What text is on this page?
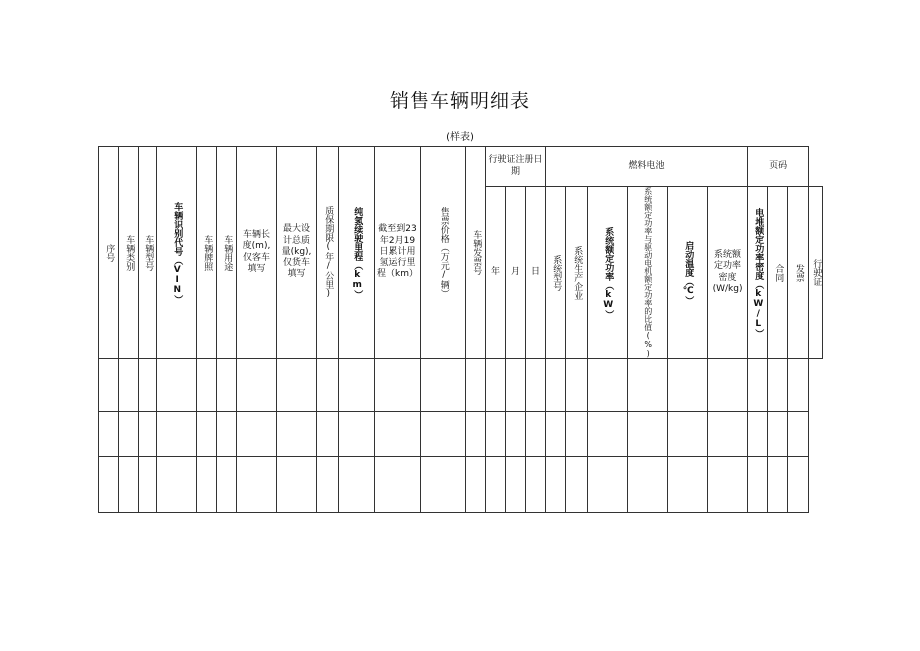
销售车辆明细表
(样表)
序号	车辆类别	车辆型号	车辆识别代号（VIN）	车辆牌照	车辆用途	车辆长度(m),仅客车填写	最大设计总质量(kg),仅货车填写	质保期限(年/公里)	纯氢续驶里程（km）	截至到23年2月19日累计用氢运行里程（km）	售票价格（万元/辆）	车辆发票号	行驶证注册日期			燃料电池						页码			

																系统型号	系统生产企业	系统额定功率（kW）	系统额定功率与驱动电机额定功率的比值(%)	启动温度（℃）	系统额定功率密度(W/kg)	电堆额定功率密度（kW/L）	合同	发票	行驶证

													年	月	日										
